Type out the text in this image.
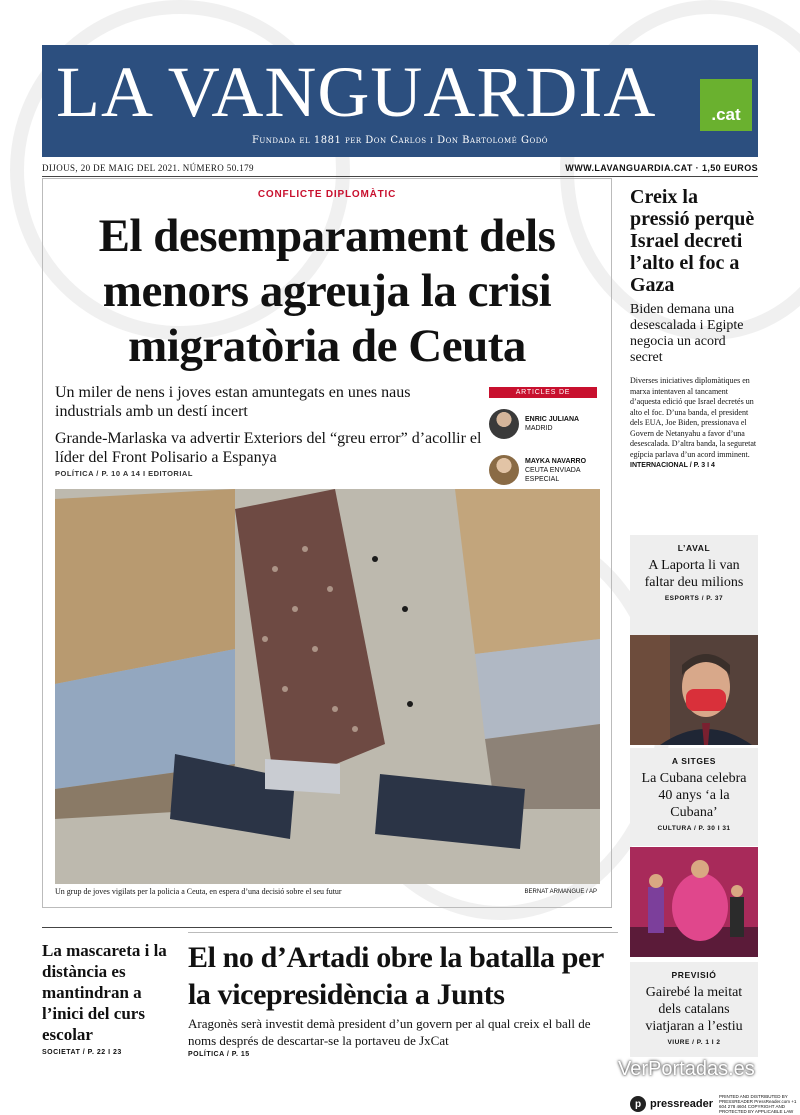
LA VANGUARDIA	.cat
Fundada el 1881 per Don Carlos i Don Bartolomé Godó
DIJOUS, 20 DE MAIG DEL 2021. NÚMERO 50.179	WWW.LAVANGUARDIA.CAT · 1,50 EUROS
CONFLICTE DIPLOMÀTIC
El desemparament dels menors agreuja la crisi migratòria de Ceuta
Un miler de nens i joves estan amuntegats en unes naus industrials amb un destí incert
Grande-Marlaska va advertir Exteriors del “greu error” d’acollir el líder del Front Polisario a Espanya
POLÍTICA / P. 10 A 14 I EDITORIAL
ARTICLES DE
ENRIC JULIANA
MADRID
MAYKA NAVARRO
CEUTA ENVIADA ESPECIAL
Un grup de joves vigilats per la policia a Ceuta, en espera d’una decisió sobre el seu futur	BERNAT ARMANGUE / AP
Creix la pressió perquè Israel decreti l’alto el foc a Gaza
Biden demana una desescalada i Egipte negocia un acord secret
Diverses iniciatives diplomàtiques en marxa intentaven al tancament d’aquesta edició que Israel decretés un alto el foc. D’una banda, el president dels EUA, Joe Biden, pressionava el Govern de Netanyahu a favor d’una desescalada. D’altra banda, la seguretat egípcia parlava d’un acord imminent. INTERNACIONAL / P. 3 I 4
L’AVAL
A Laporta li van faltar deu milions
ESPORTS / P. 37
A SITGES
La Cubana celebra 40 anys ‘a la Cubana’
CULTURA / P. 30 I 31
PREVISIÓ
Gairebé la meitat dels catalans viatjaran a l’estiu
VIURE / P. 1 I 2
La mascareta i la distància es mantindran a l’inici del curs escolar
SOCIETAT / P. 22 I 23
El no d’Artadi obre la batalla per la vicepresidència a Junts
Aragonès serà investit demà president d’un govern per al qual creix el ball de noms després de descartar-se la portaveu de JxCat
POLÍTICA / P. 15
VerPortadas.es
p pressreader
PRINTED AND DISTRIBUTED BY PRESSREADER PressReader.com +1 604 278 4604 COPYRIGHT AND PROTECTED BY APPLICABLE LAW
